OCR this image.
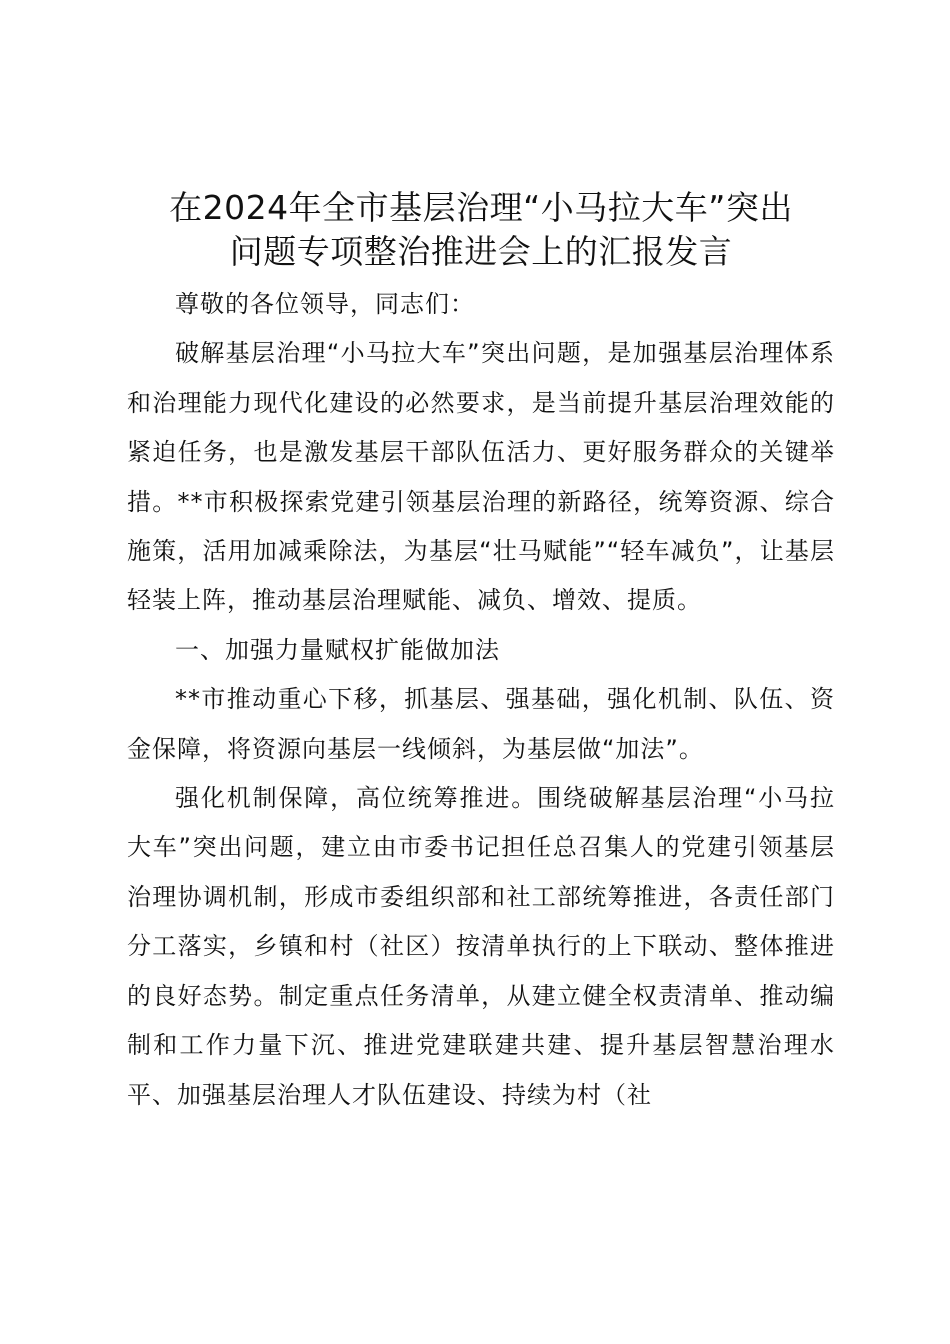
在2024年全市基层治理“小马拉大车”突出
问题专项整治推进会上的汇报发言

尊敬的各位领导，同志们：

破解基层治理“小马拉大车”突出问题，是加强基层治理体系和治理能力现代化建设的必然要求，是当前提升基层治理效能的紧迫任务，也是激发基层干部队伍活力、更好服务群众的关键举措。**市积极探索党建引领基层治理的新路径，统筹资源、综合施策，活用加减乘除法，为基层“壮马赋能”“轻车减负”，让基层轻装上阵，推动基层治理赋能、减负、增效、提质。

一、加强力量赋权扩能做加法

**市推动重心下移，抓基层、强基础，强化机制、队伍、资金保障，将资源向基层一线倾斜，为基层做“加法”。

强化机制保障，高位统筹推进。围绕破解基层治理“小马拉大车”突出问题，建立由市委书记担任总召集人的党建引领基层治理协调机制，形成市委组织部和社工部统筹推进，各责任部门分工落实，乡镇和村（社区）按清单执行的上下联动、整体推进的良好态势。制定重点任务清单，从建立健全权责清单、推动编制和工作力量下沉、推进党建联建共建、提升基层智慧治理水平、加强基层治理人才队伍建设、持续为村（社
